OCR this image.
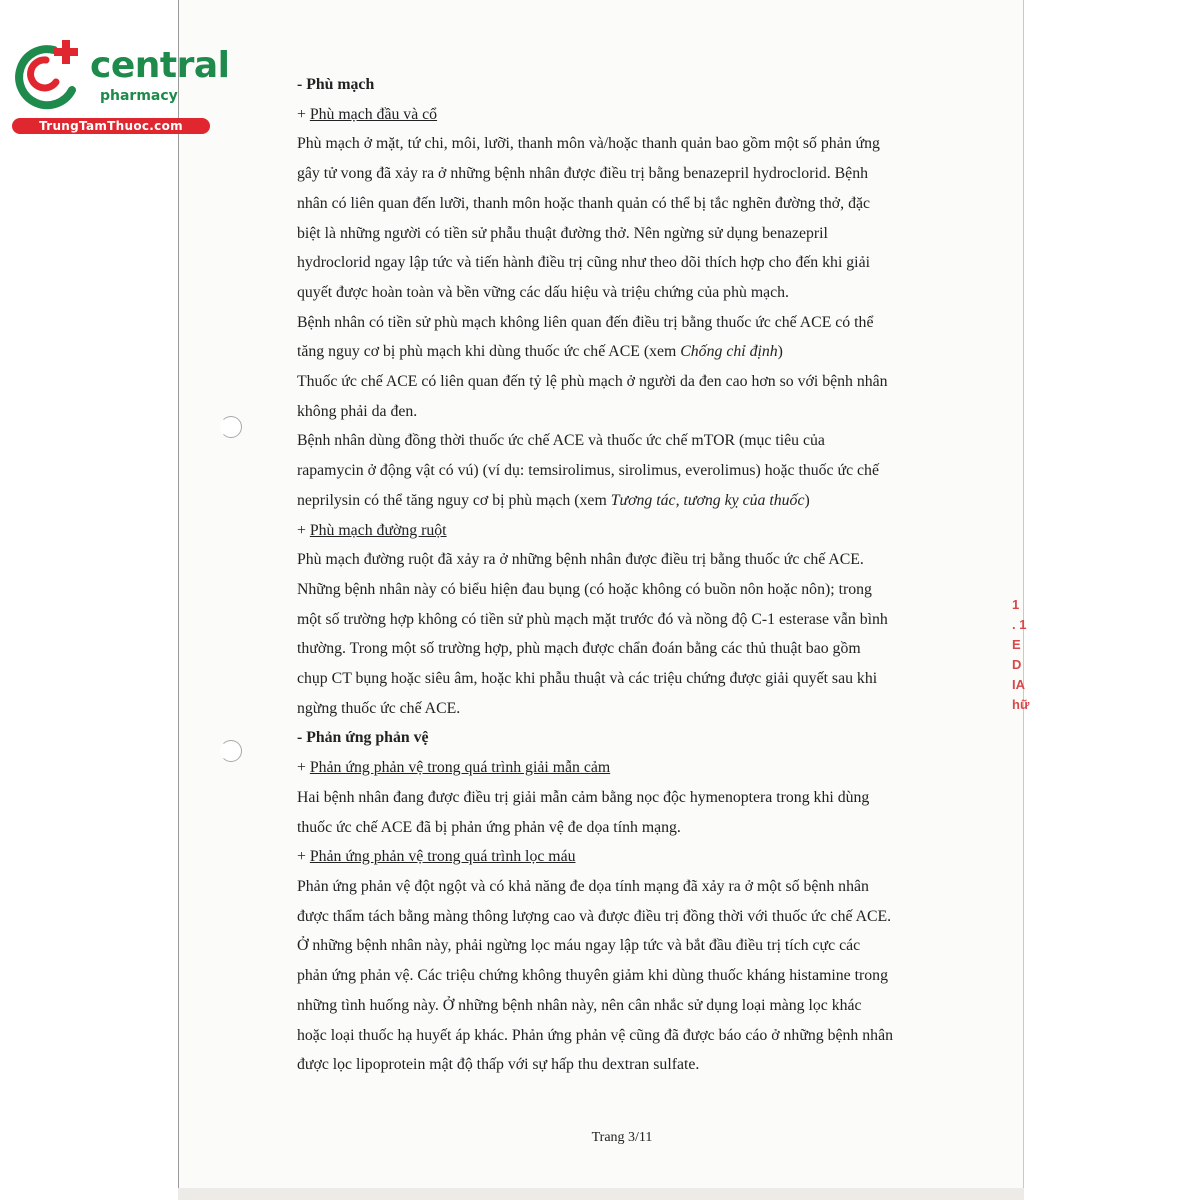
central
pharmacy
TrungTamThuoc.com

- Phù mạch

+ Phù mạch đầu và cổ

Phù mạch ở mặt, tứ chi, môi, lưỡi, thanh môn và/hoặc thanh quản bao gồm một số phản ứng

gây tử vong đã xảy ra ở những bệnh nhân được điều trị bằng benazepril hydroclorid. Bệnh

nhân có liên quan đến lưỡi, thanh môn hoặc thanh quản có thể bị tắc nghẽn đường thở, đặc

biệt là những người có tiền sử phẫu thuật đường thở. Nên ngừng sử dụng benazepril

hydroclorid ngay lập tức và tiến hành điều trị cũng như theo dõi thích hợp cho đến khi giải

quyết được hoàn toàn và bền vững các dấu hiệu và triệu chứng của phù mạch.

Bệnh nhân có tiền sử phù mạch không liên quan đến điều trị bằng thuốc ức chế ACE có thể

tăng nguy cơ bị phù mạch khi dùng thuốc ức chế ACE (xem Chống chỉ định)

Thuốc ức chế ACE có liên quan đến tỷ lệ phù mạch ở người da đen cao hơn so với bệnh nhân

không phải da đen.

Bệnh nhân dùng đồng thời thuốc ức chế ACE và thuốc ức chế mTOR (mục tiêu của

rapamycin ở động vật có vú) (ví dụ: temsirolimus, sirolimus, everolimus) hoặc thuốc ức chế

neprilysin có thể tăng nguy cơ bị phù mạch (xem Tương tác, tương kỵ của thuốc)

+ Phù mạch đường ruột

Phù mạch đường ruột đã xảy ra ở những bệnh nhân được điều trị bằng thuốc ức chế ACE.

Những bệnh nhân này có biểu hiện đau bụng (có hoặc không có buồn nôn hoặc nôn); trong

một số trường hợp không có tiền sử phù mạch mặt trước đó và nồng độ C-1 esterase vẫn bình

thường. Trong một số trường hợp, phù mạch được chẩn đoán bằng các thủ thuật bao gồm

chụp CT bụng hoặc siêu âm, hoặc khi phẫu thuật và các triệu chứng được giải quyết sau khi

ngừng thuốc ức chế ACE.

- Phản ứng phản vệ

+ Phản ứng phản vệ trong quá trình giải mẫn cảm

Hai bệnh nhân đang được điều trị giải mẫn cảm bằng nọc độc hymenoptera trong khi dùng

thuốc ức chế ACE đã bị phản ứng phản vệ đe dọa tính mạng.

+ Phản ứng phản vệ trong quá trình lọc máu

Phản ứng phản vệ đột ngột và có khả năng đe dọa tính mạng đã xảy ra ở một số bệnh nhân

được thẩm tách bằng màng thông lượng cao và được điều trị đồng thời với thuốc ức chế ACE.

Ở những bệnh nhân này, phải ngừng lọc máu ngay lập tức và bắt đầu điều trị tích cực các

phản ứng phản vệ. Các triệu chứng không thuyên giảm khi dùng thuốc kháng histamine trong

những tình huống này. Ở những bệnh nhân này, nên cân nhắc sử dụng loại màng lọc khác

hoặc loại thuốc hạ huyết áp khác. Phản ứng phản vệ cũng đã được báo cáo ở những bệnh nhân

được lọc lipoprotein mật độ thấp với sự hấp thu dextran sulfate.

Trang 3/11
1
. 1
E D
IA
hữ
